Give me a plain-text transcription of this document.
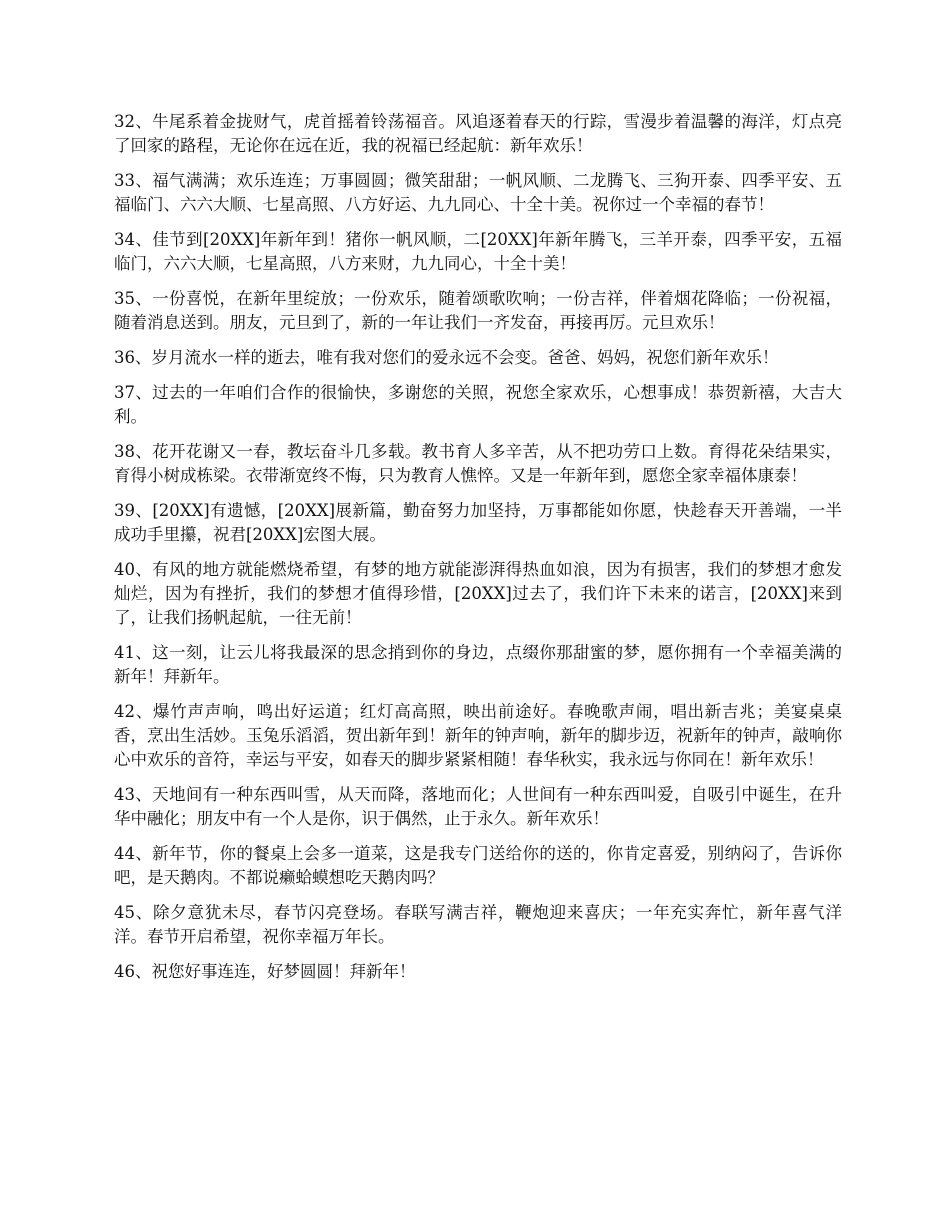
32、牛尾系着金拢财气，虎首摇着铃荡福音。风追逐着春天的行踪，雪漫步着温馨的海洋，灯点亮了回家的路程，无论你在远在近，我的祝福已经起航：新年欢乐！

33、福气满满；欢乐连连；万事圆圆；微笑甜甜；一帆风顺、二龙腾飞、三狗开泰、四季平安、五福临门、六六大顺、七星高照、八方好运、九九同心、十全十美。祝你过一个幸福的春节！

34、佳节到[20XX]年新年到！猪你一帆风顺，二[20XX]年新年腾飞，三羊开泰，四季平安，五福临门，六六大顺，七星高照，八方来财，九九同心，十全十美！

35、一份喜悦，在新年里绽放；一份欢乐，随着颂歌吹响；一份吉祥，伴着烟花降临；一份祝福，随着消息送到。朋友，元旦到了，新的一年让我们一齐发奋，再接再厉。元旦欢乐！

36、岁月流水一样的逝去，唯有我对您们的爱永远不会变。爸爸、妈妈，祝您们新年欢乐！

37、过去的一年咱们合作的很愉快，多谢您的关照，祝您全家欢乐，心想事成！恭贺新禧，大吉大利。

38、花开花谢又一春，教坛奋斗几多载。教书育人多辛苦，从不把功劳口上数。育得花朵结果实，育得小树成栋梁。衣带渐宽终不悔，只为教育人憔悴。又是一年新年到，愿您全家幸福体康泰！

39、[20XX]有遗憾，[20XX]展新篇，勤奋努力加坚持，万事都能如你愿，快趁春天开善端，一半成功手里攥，祝君[20XX]宏图大展。

40、有风的地方就能燃烧希望，有梦的地方就能澎湃得热血如浪，因为有损害，我们的梦想才愈发灿烂，因为有挫折，我们的梦想才值得珍惜，[20XX]过去了，我们许下未来的诺言，[20XX]来到了，让我们扬帆起航，一往无前！

41、这一刻，让云儿将我最深的思念捎到你的身边，点缀你那甜蜜的梦，愿你拥有一个幸福美满的新年！拜新年。

42、爆竹声声响，鸣出好运道；红灯高高照，映出前途好。春晚歌声闹，唱出新吉兆；美宴桌桌香，烹出生活妙。玉兔乐滔滔，贺出新年到！新年的钟声响，新年的脚步迈，祝新年的钟声，敲响你心中欢乐的音符，幸运与平安，如春天的脚步紧紧相随！春华秋实，我永远与你同在！新年欢乐！

43、天地间有一种东西叫雪，从天而降，落地而化；人世间有一种东西叫爱，自吸引中诞生，在升华中融化；朋友中有一个人是你，识于偶然，止于永久。新年欢乐！

44、新年节，你的餐桌上会多一道菜，这是我专门送给你的送的，你肯定喜爱，别纳闷了，告诉你吧，是天鹅肉。不都说癞蛤蟆想吃天鹅肉吗？

45、除夕意犹未尽，春节闪亮登场。春联写满吉祥，鞭炮迎来喜庆；一年充实奔忙，新年喜气洋洋。春节开启希望，祝你幸福万年长。

46、祝您好事连连，好梦圆圆！拜新年！
